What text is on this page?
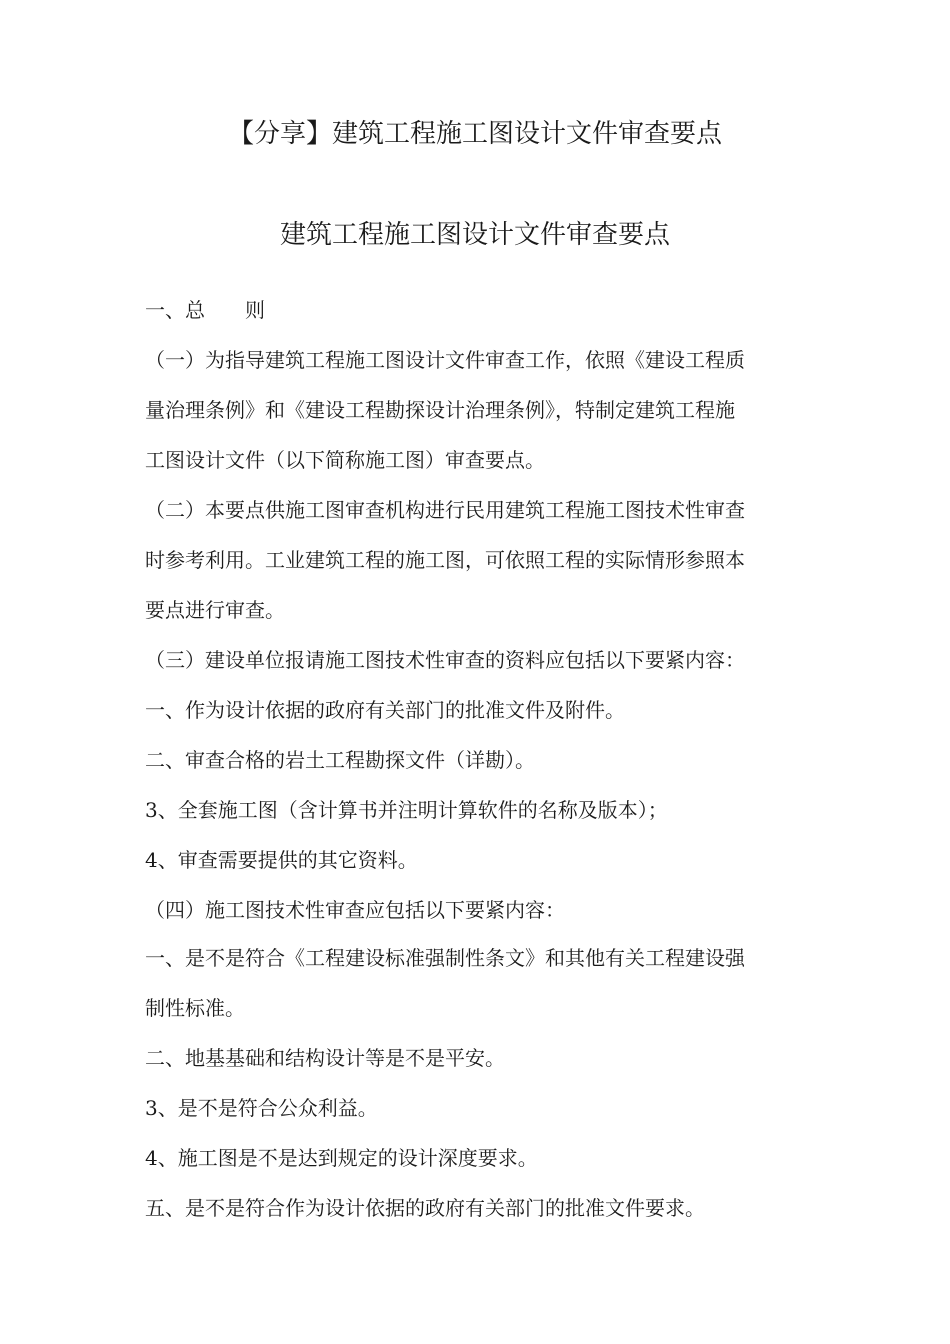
【分享】建筑工程施工图设计文件审查要点
建筑工程施工图设计文件审查要点
一、总　　则
（一）为指导建筑工程施工图设计文件审查工作，依照《建设工程质
量治理条例》和《建设工程勘探设计治理条例》，特制定建筑工程施
工图设计文件（以下简称施工图）审查要点。
（二）本要点供施工图审查机构进行民用建筑工程施工图技术性审查
时参考利用。工业建筑工程的施工图，可依照工程的实际情形参照本
要点进行审查。
（三）建设单位报请施工图技术性审查的资料应包括以下要紧内容：
一、作为设计依据的政府有关部门的批准文件及附件。
二、审查合格的岩土工程勘探文件（详勘）。
3、全套施工图（含计算书并注明计算软件的名称及版本）；
4、审查需要提供的其它资料。
（四）施工图技术性审查应包括以下要紧内容：
一、是不是符合《工程建设标准强制性条文》和其他有关工程建设强
制性标准。
二、地基基础和结构设计等是不是平安。
3、是不是符合公众利益。
4、施工图是不是达到规定的设计深度要求。
五、是不是符合作为设计依据的政府有关部门的批准文件要求。
